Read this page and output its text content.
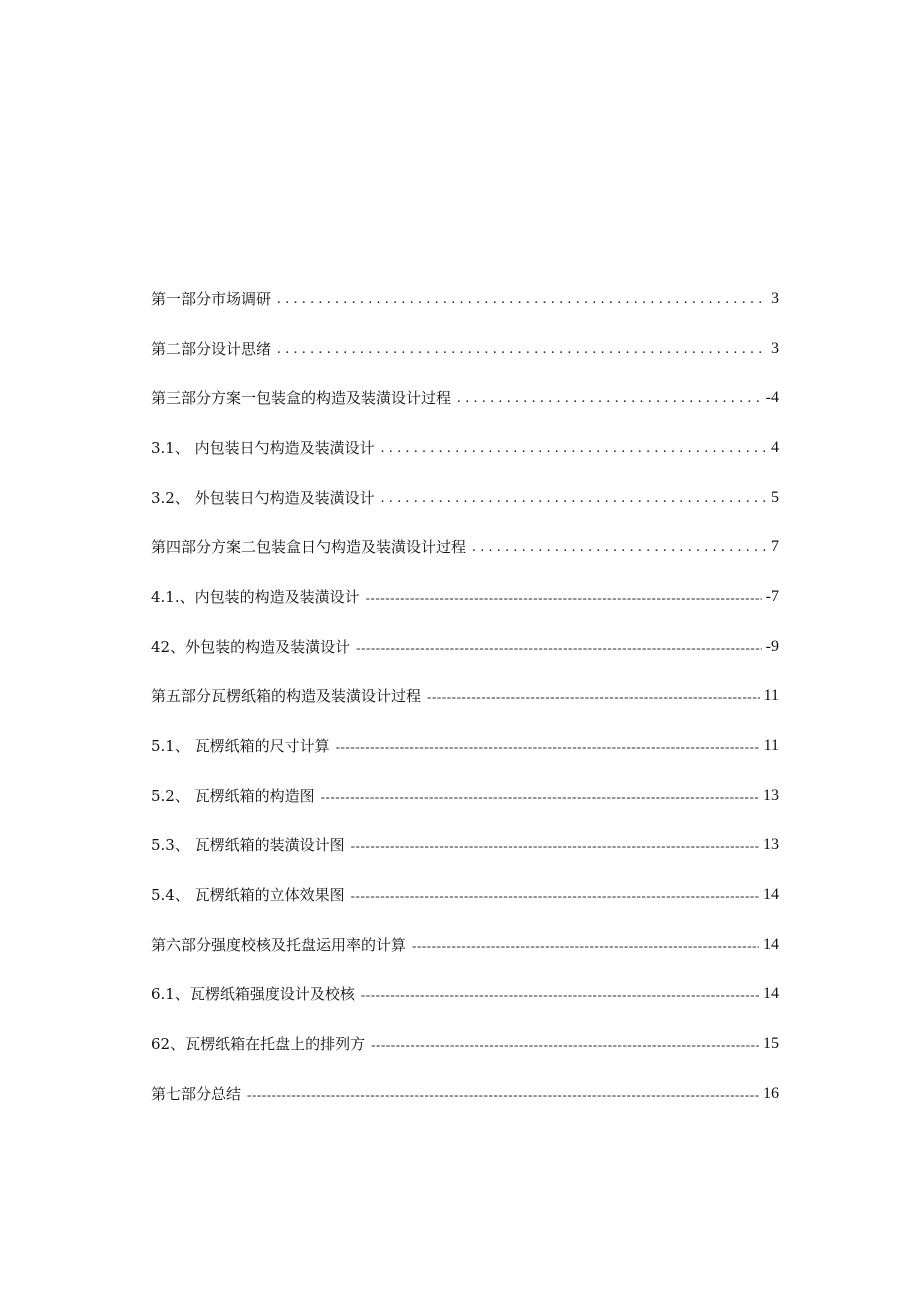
第一部分市场调研 . . .	3
第二部分设计思绪 . . .	3
第三部分方案一包装盒的构造及装潢设计过程 . . .	-4
3.1、 内包装日勺构造及装潢设计 . . .	4
3.2、 外包装日勺构造及装潢设计 . . .	5
第四部分方案二包装盒日勺构造及装潢设计过程 . . .	7
4.1.、内包装的构造及装潢设计 -----	-7
42、外包装的构造及装潢设计 -----	-9
第五部分瓦楞纸箱的构造及装潢设计过程 -----	11
5.1、 瓦楞纸箱的尺寸计算 -----	11
5.2、 瓦楞纸箱的构造图 -----	13
5.3、 瓦楞纸箱的装潢设计图 -----	13
5.4、 瓦楞纸箱的立体效果图 -----	14
第六部分强度校核及托盘运用率的计算 -----	14
6.1、瓦楞纸箱强度设计及校核 -----	14
62、瓦楞纸箱在托盘上的排列方 -----	15
第七部分总结 -----	16
